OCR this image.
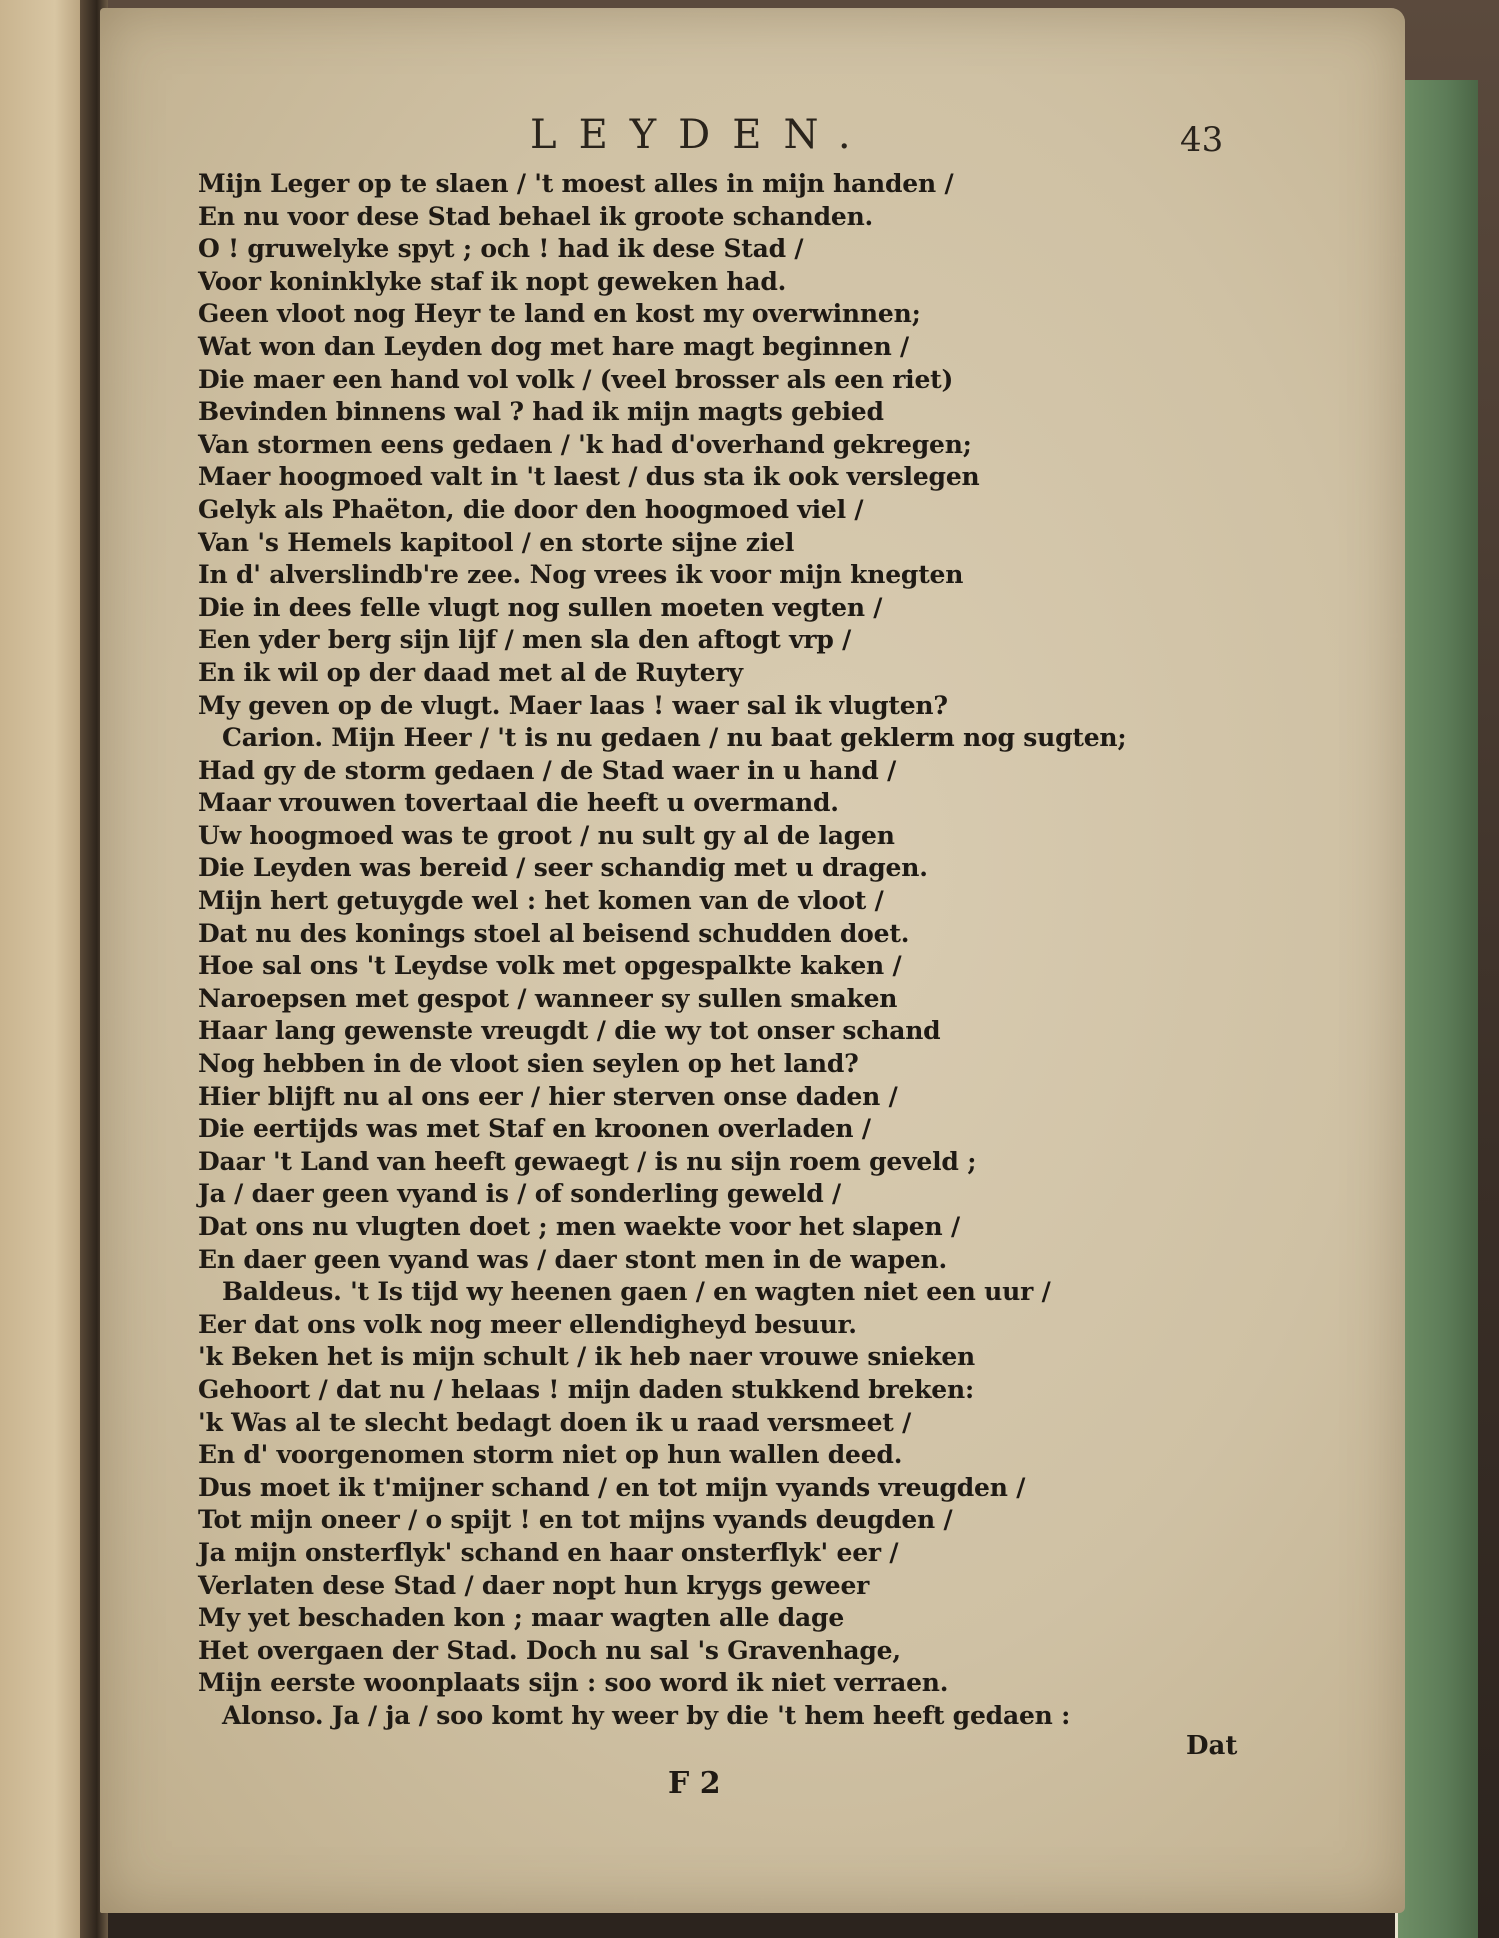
LEYDEN.	43
Mijn Leger op te slaen / 't moest alles in mijn handen /
En nu voor dese Stad behael ik groote schanden.
O ! gruwelyke spyt ; och ! had ik dese Stad /
Voor koninklyke staf ik nopt geweken had.
Geen vloot nog Heyr te land en kost my overwinnen;
Wat won dan Leyden dog met hare magt beginnen /
Die maer een hand vol volk / (veel brosser als een riet)
Bevinden binnens wal ? had ik mijn magts gebied
Van stormen eens gedaen / 'k had d'overhand gekregen;
Maer hoogmoed valt in 't laest / dus sta ik ook verslegen
Gelyk als Phaëton, die door den hoogmoed viel /
Van 's Hemels kapitool / en storte sijne ziel
In d' alverslindb're zee. Nog vrees ik voor mijn knegten
Die in dees felle vlugt nog sullen moeten vegten /
Een yder berg sijn lijf / men sla den aftogt vrp /
En ik wil op der daad met al de Ruytery
My geven op de vlugt. Maer laas ! waer sal ik vlugten?
Carion. Mijn Heer / 't is nu gedaen / nu baat geklerm nog sugten;
Had gy de storm gedaen / de Stad waer in u hand /
Maar vrouwen tovertaal die heeft u overmand.
Uw hoogmoed was te groot / nu sult gy al de lagen
Die Leyden was bereid / seer schandig met u dragen.
Mijn hert getuygde wel : het komen van de vloot /
Dat nu des konings stoel al beisend schudden doet.
Hoe sal ons 't Leydse volk met opgespalkte kaken /
Naroepsen met gespot / wanneer sy sullen smaken
Haar lang gewenste vreugdt / die wy tot onser schand
Nog hebben in de vloot sien seylen op het land?
Hier blijft nu al ons eer / hier sterven onse daden /
Die eertijds was met Staf en kroonen overladen /
Daar 't Land van heeft gewaegt / is nu sijn roem geveld ;
Ja / daer geen vyand is / of sonderling geweld /
Dat ons nu vlugten doet ; men waekte voor het slapen /
En daer geen vyand was / daer stont men in de wapen.
Baldeus. 't Is tijd wy heenen gaen / en wagten niet een uur /
Eer dat ons volk nog meer ellendigheyd besuur.
'k Beken het is mijn schult / ik heb naer vrouwe snieken
Gehoort / dat nu / helaas ! mijn daden stukkend breken:
'k Was al te slecht bedagt doen ik u raad versmeet /
En d' voorgenomen storm niet op hun wallen deed.
Dus moet ik t'mijner schand / en tot mijn vyands vreugden /
Tot mijn oneer / o spijt ! en tot mijns vyands deugden /
Ja mijn onsterflyk' schand en haar onsterflyk' eer /
Verlaten dese Stad / daer nopt hun krygs geweer
My yet beschaden kon ; maar wagten alle dage
Het overgaen der Stad. Doch nu sal 's Gravenhage,
Mijn eerste woonplaats sijn : soo word ik niet verraen.
Alonso. Ja / ja / soo komt hy weer by die 't hem heeft gedaen :
F 2
Dat
